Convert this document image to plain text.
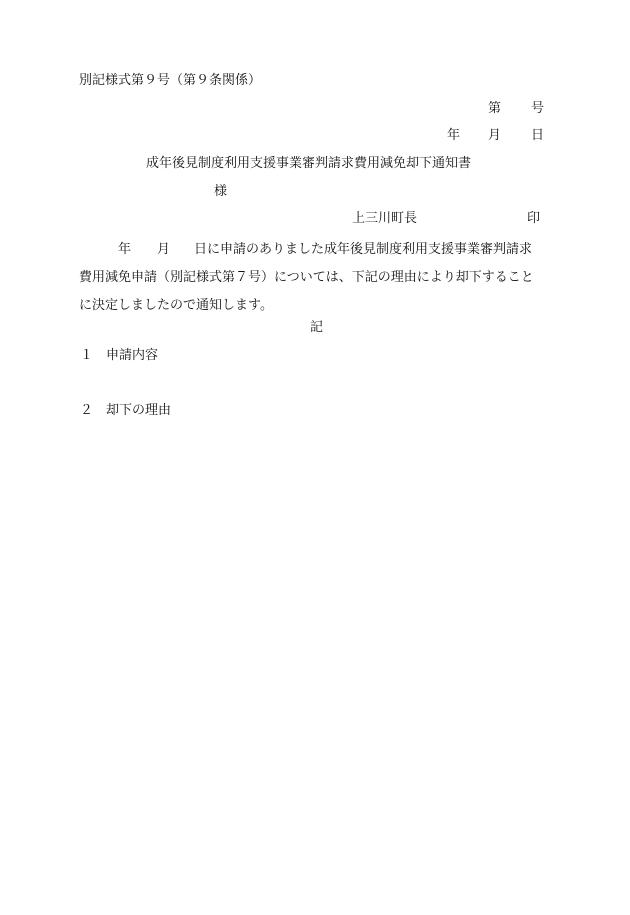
別記様式第９号（第９条関係）
第 号
年 月 日
成年後見制度利用支援事業審判請求費用減免却下通知書
様
上三川町長	印
年 月 日に申請のありました成年後見制度利用支援事業審判請求
費用減免申請（別記様式第７号）については、下記の理由により却下すること
に決定しましたので通知します。
記
１ 申請内容
２ 却下の理由
